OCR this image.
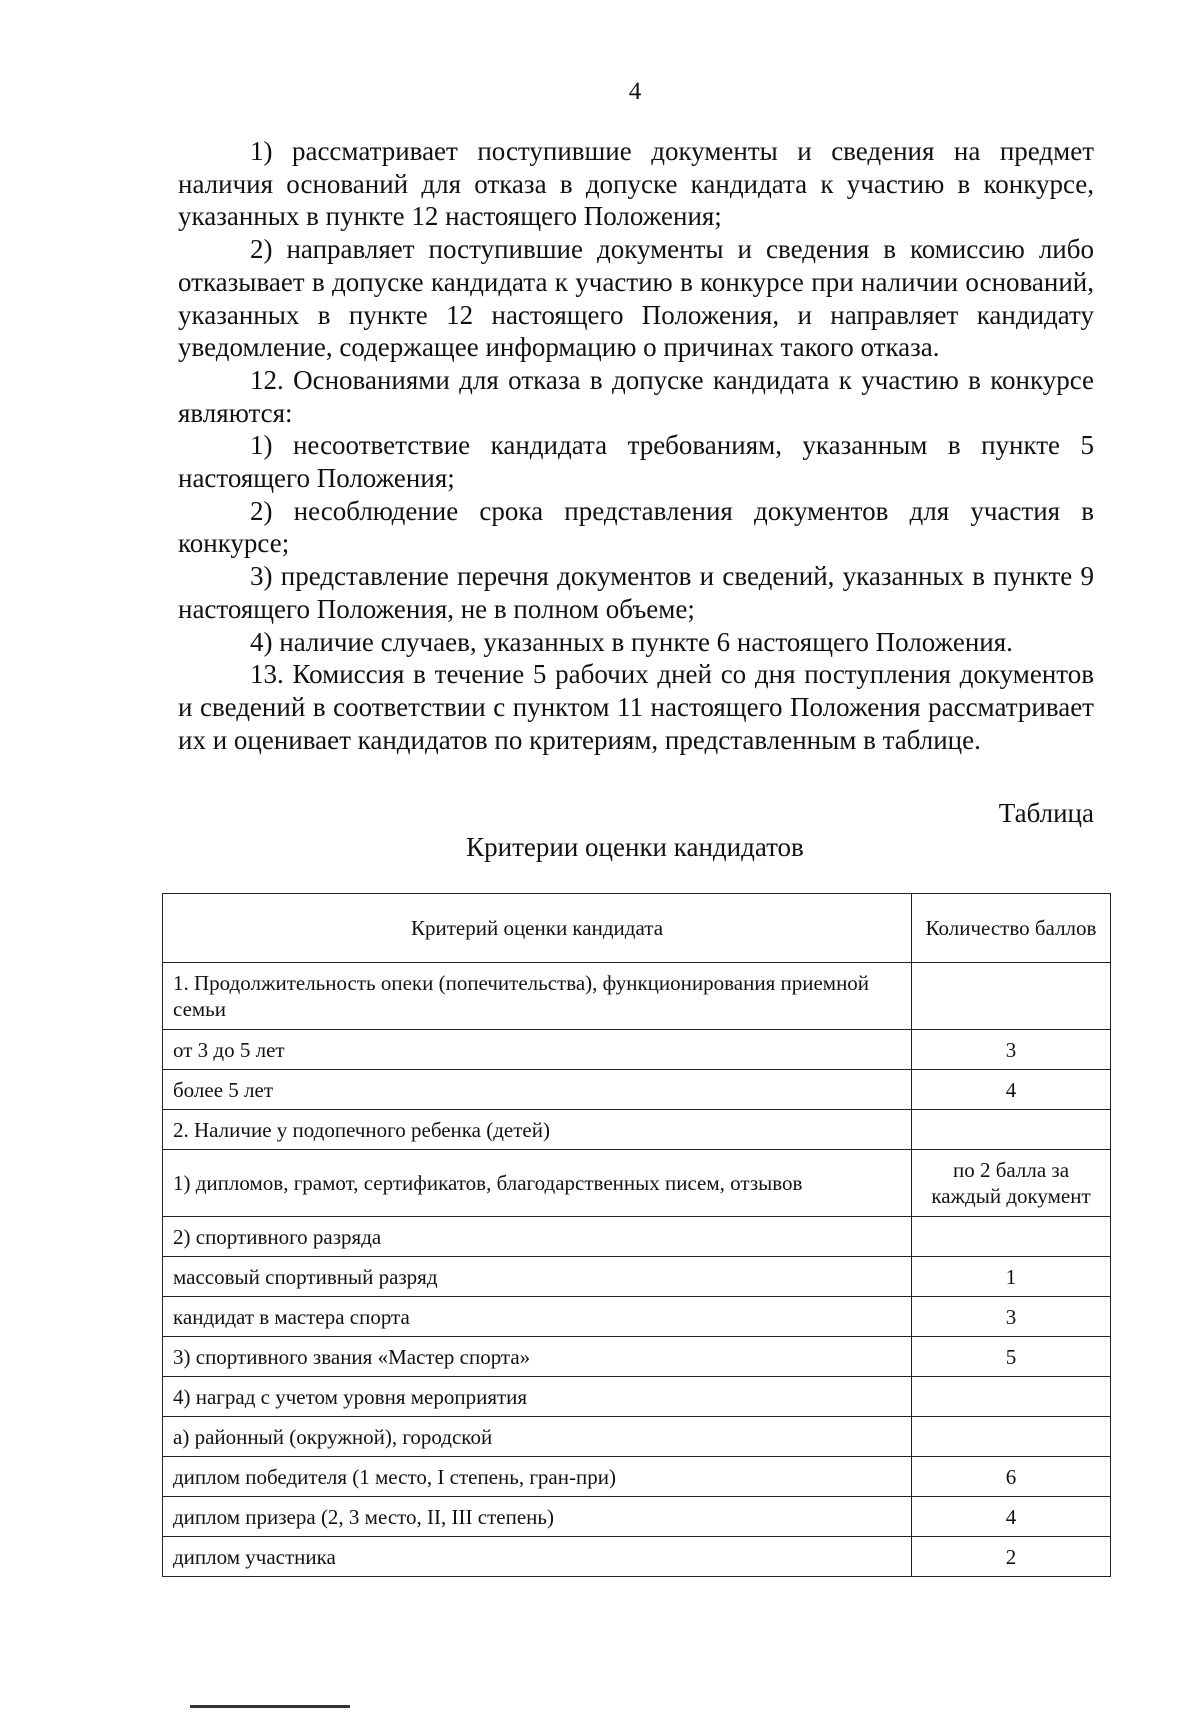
4

1) рассматривает поступившие документы и сведения на предмет наличия оснований для отказа в допуске кандидата к участию в конкурсе, указанных в пункте 12 настоящего Положения;

2) направляет поступившие документы и сведения в комиссию либо отказывает в допуске кандидата к участию в конкурсе при наличии оснований, указанных в пункте 12 настоящего Положения, и направляет кандидату уведомление, содержащее информацию о причинах такого отказа.

12. Основаниями для отказа в допуске кандидата к участию в конкурсе являются:

1) несоответствие кандидата требованиям, указанным в пункте 5 настоящего Положения;

2) несоблюдение срока представления документов для участия в конкурсе;

3) представление перечня документов и сведений, указанных в пункте 9 настоящего Положения, не в полном объеме;

4) наличие случаев, указанных в пункте 6 настоящего Положения.

13. Комиссия в течение 5 рабочих дней со дня поступления документов и сведений в соответствии с пунктом 11 настоящего Положения рассматривает их и оценивает кандидатов по критериям, представленным в таблице.

Таблица
Критерии оценки кандидатов
Критерий оценки кандидата	Количество баллов
1. Продолжительность опеки (попечительства), функционирования приемной семьи	
от 3 до 5 лет	3
более 5 лет	4
2. Наличие у подопечного ребенка (детей)	
1) дипломов, грамот, сертификатов, благодарственных писем, отзывов	по 2 балла за каждый документ
2) спортивного разряда	
массовый спортивный разряд	1
кандидат в мастера спорта	3
3) спортивного звания «Мастер спорта»	5
4) наград с учетом уровня мероприятия	
а) районный (окружной), городской	
диплом победителя (1 место, I степень, гран-при)	6
диплом призера (2, 3 место, II, III степень)	4
диплом участника	2
